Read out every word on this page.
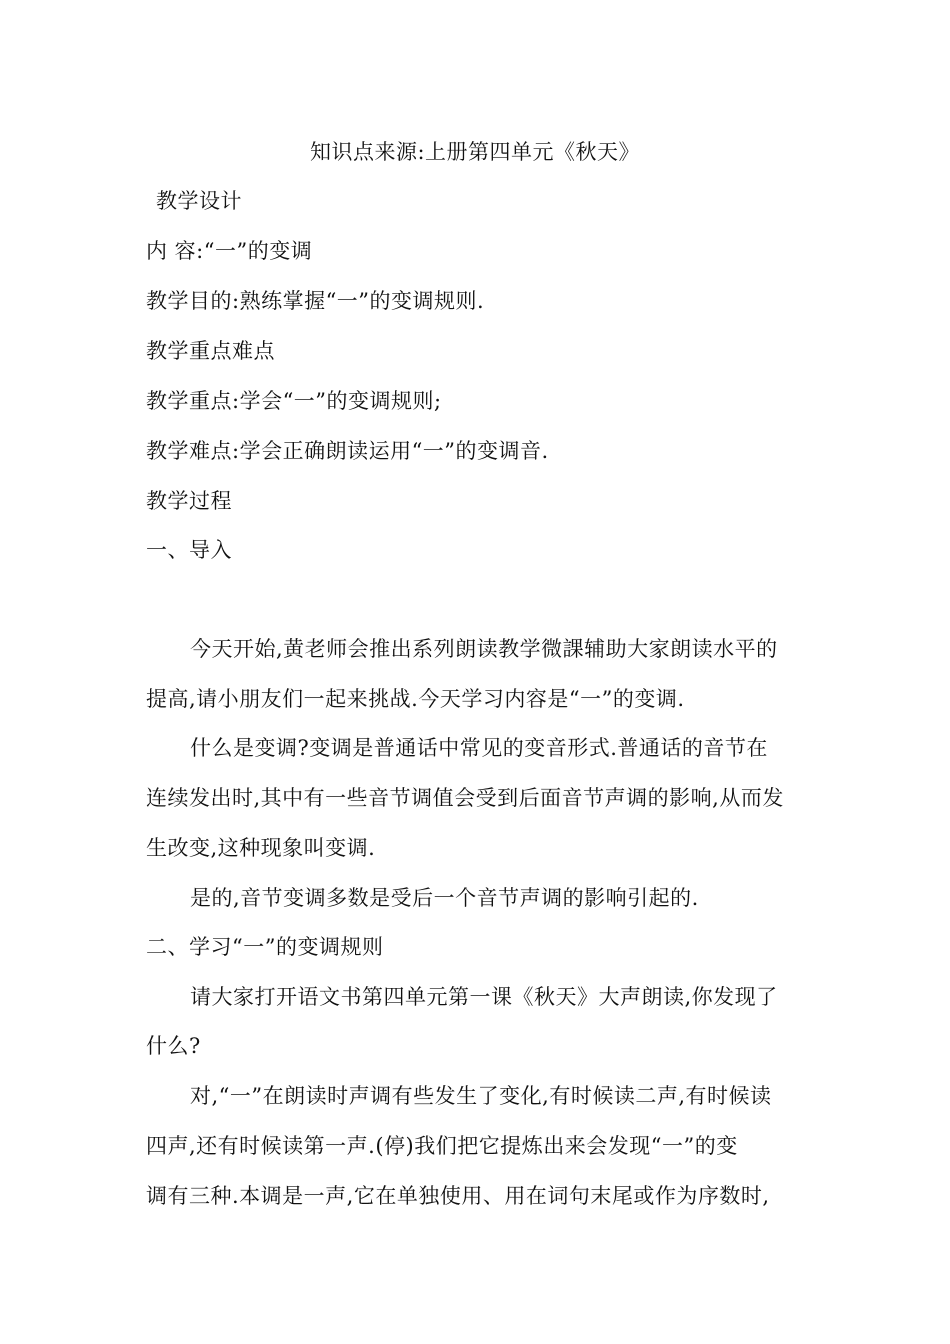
知识点来源:上册第四单元《秋天》
教学设计
内 容:“一”的变调
教学目的:熟练掌握“一”的变调规则.
教学重点难点
教学重点:学会“一”的变调规则;
教学难点:学会正确朗读运用“一”的变调音.
教学过程
一、导入
今天开始,黄老师会推出系列朗读教学微課辅助大家朗读水平的
提高,请小朋友们一起来挑战.今天学习内容是“一”的变调.
什么是变调?变调是普通话中常见的变音形式.普通话的音节在
连续发出时,其中有一些音节调值会受到后面音节声调的影响,从而发
生改变,这种现象叫变调.
是的,音节变调多数是受后一个音节声调的影响引起的.
二、学习“一”的变调规则
请大家打开语文书第四单元第一课《秋天》大声朗读,你发现了
什么?
对,“一”在朗读时声调有些发生了变化,有时候读二声,有时候读
四声,还有时候读第一声.(停)我们把它提炼出来会发现“一”的变
调有三种.本调是一声,它在单独使用、用在词句末尾或作为序数时,
